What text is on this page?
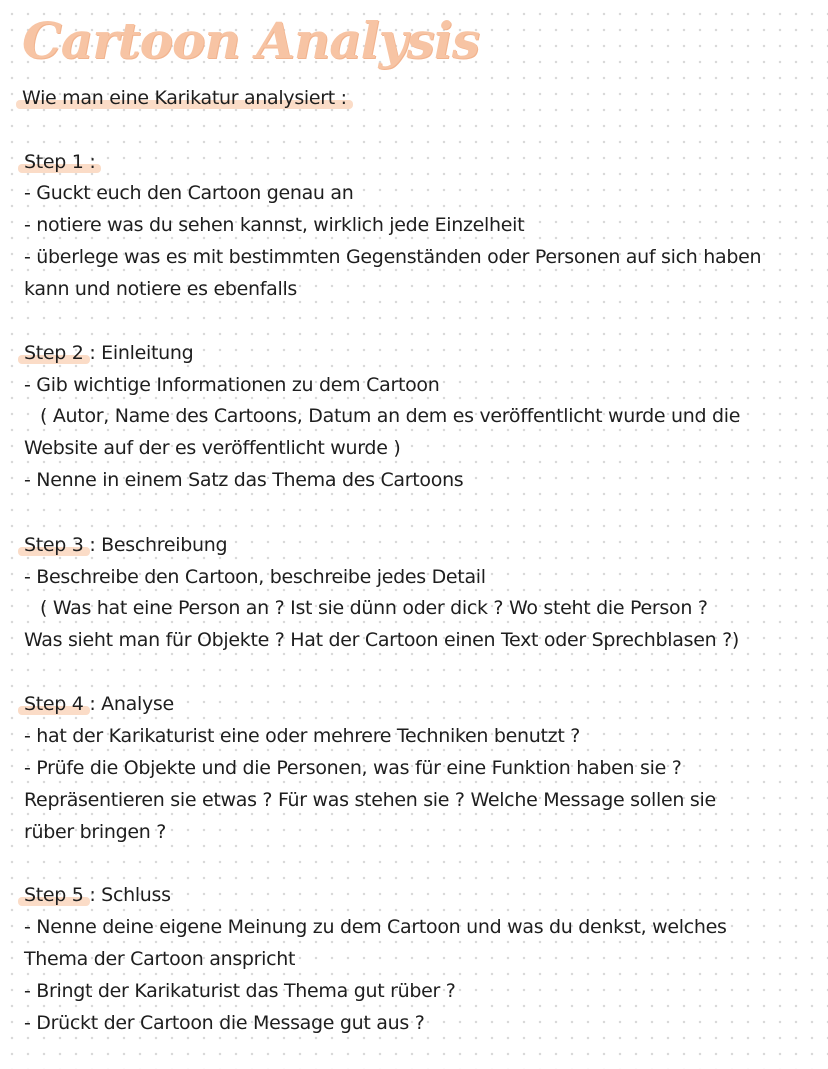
Cartoon Analysis
Wie man eine Karikatur analysiert :
Step 1 :
- Guckt euch den Cartoon genau an
- notiere was du sehen kannst, wirklich jede Einzelheit
- überlege was es mit bestimmten Gegenständen oder Personen auf sich haben
kann und notiere es ebenfalls
Step 2 : Einleitung
- Gib wichtige Informationen zu dem Cartoon
( Autor, Name des Cartoons, Datum an dem es veröffentlicht wurde und die
Website auf der es veröffentlicht wurde )
- Nenne in einem Satz das Thema des Cartoons
Step 3 : Beschreibung
- Beschreibe den Cartoon, beschreibe jedes Detail
( Was hat eine Person an ? Ist sie dünn oder dick ? Wo steht die Person ?
Was sieht man für Objekte ? Hat der Cartoon einen Text oder Sprechblasen ?)
Step 4 : Analyse
- hat der Karikaturist eine oder mehrere Techniken benutzt ?
- Prüfe die Objekte und die Personen, was für eine Funktion haben sie ?
Repräsentieren sie etwas ? Für was stehen sie ? Welche Message sollen sie
rüber bringen ?
Step 5 : Schluss
- Nenne deine eigene Meinung zu dem Cartoon und was du denkst, welches
Thema der Cartoon anspricht
- Bringt der Karikaturist das Thema gut rüber ?
- Drückt der Cartoon die Message gut aus ?
